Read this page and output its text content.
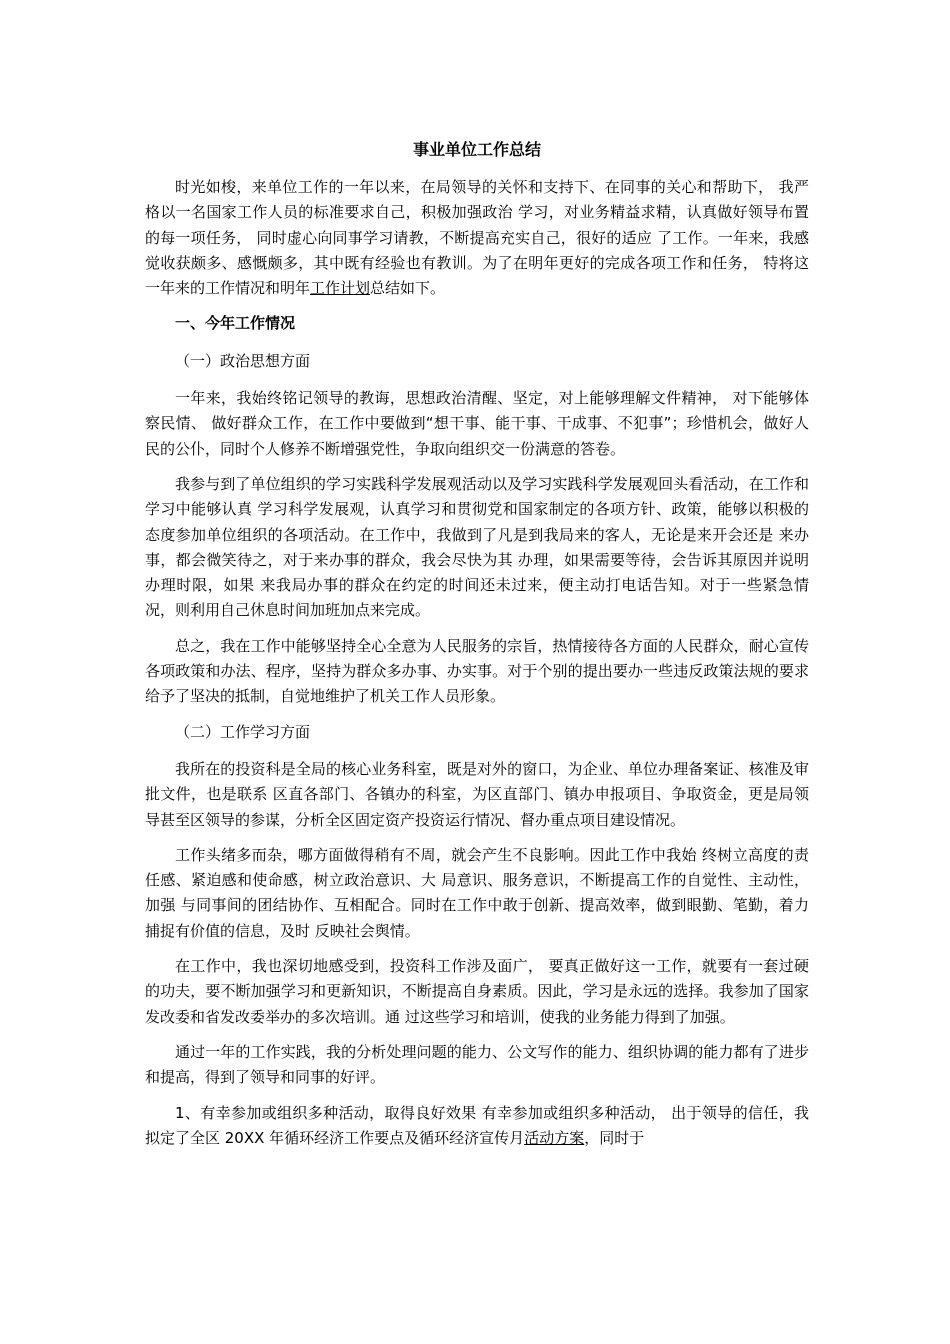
事业单位工作总结

时光如梭，来单位工作的一年以来，在局领导的关怀和支持下、在同事的关心和帮助下， 我严格以一名国家工作人员的标准要求自己，积极加强政治 学习，对业务精益求精，认真做好领导布置的每一项任务， 同时虚心向同事学习请教，不断提高充实自己，很好的适应 了工作。一年来，我感觉收获颇多、感慨颇多，其中既有经验也有教训。为了在明年更好的完成各项工作和任务， 特将这一年来的工作情况和明年工作计划总结如下。

一、今年工作情况

（一）政治思想方面

一年来，我始终铭记领导的教诲，思想政治清醒、坚定，对上能够理解文件精神， 对下能够体察民情、 做好群众工作，在工作中要做到“想干事、能干事、干成事、不犯事”；珍惜机会，做好人民的公仆，同时个人修养不断增强党性，争取向组织交一份满意的答卷。

我参与到了单位组织的学习实践科学发展观活动以及学习实践科学发展观回头看活动，在工作和学习中能够认真 学习科学发展观，认真学习和贯彻党和国家制定的各项方针、政策，能够以积极的态度参加单位组织的各项活动。在工作中，我做到了凡是到我局来的客人，无论是来开会还是 来办事，都会微笑待之，对于来办事的群众，我会尽快为其 办理，如果需要等待，会告诉其原因并说明办理时限，如果 来我局办事的群众在约定的时间还未过来，便主动打电话告知。对于一些紧急情况，则利用自己休息时间加班加点来完成。

总之，我在工作中能够坚持全心全意为人民服务的宗旨，热情接待各方面的人民群众，耐心宣传各项政策和办法、程序，坚持为群众多办事、办实事。对于个别的提出要办一些违反政策法规的要求给予了坚决的抵制，自觉地维护了机关工作人员形象。

（二）工作学习方面

我所在的投资科是全局的核心业务科室，既是对外的窗口，为企业、单位办理备案证、核准及审批文件，也是联系 区直各部门、各镇办的科室，为区直部门、镇办申报项目、争取资金，更是局领导甚至区领导的参谋，分析全区固定资产投资运行情况、督办重点项目建设情况。

工作头绪多而杂，哪方面做得稍有不周，就会产生不良影响。因此工作中我始 终树立高度的责任感、紧迫感和使命感，树立政治意识、大 局意识、服务意识，不断提高工作的自觉性、主动性，加强 与同事间的团结协作、互相配合。同时在工作中敢于创新、提高效率，做到眼勤、笔勤，着力捕捉有价值的信息，及时 反映社会舆情。

在工作中，我也深切地感受到，投资科工作涉及面广， 要真正做好这一工作，就要有一套过硬的功夫，要不断加强学习和更新知识，不断提高自身素质。因此，学习是永远的选择。我参加了国家发改委和省发改委举办的多次培训。通 过这些学习和培训，使我的业务能力得到了加强。

通过一年的工作实践，我的分析处理问题的能力、公文写作的能力、组织协调的能力都有了进步和提高，得到了领导和同事的好评。

1、有幸参加或组织多种活动，取得良好效果 有幸参加或组织多种活动， 出于领导的信任，我拟定了全区 20XX 年循环经济工作要点及循环经济宣传月活动方案，同时于
